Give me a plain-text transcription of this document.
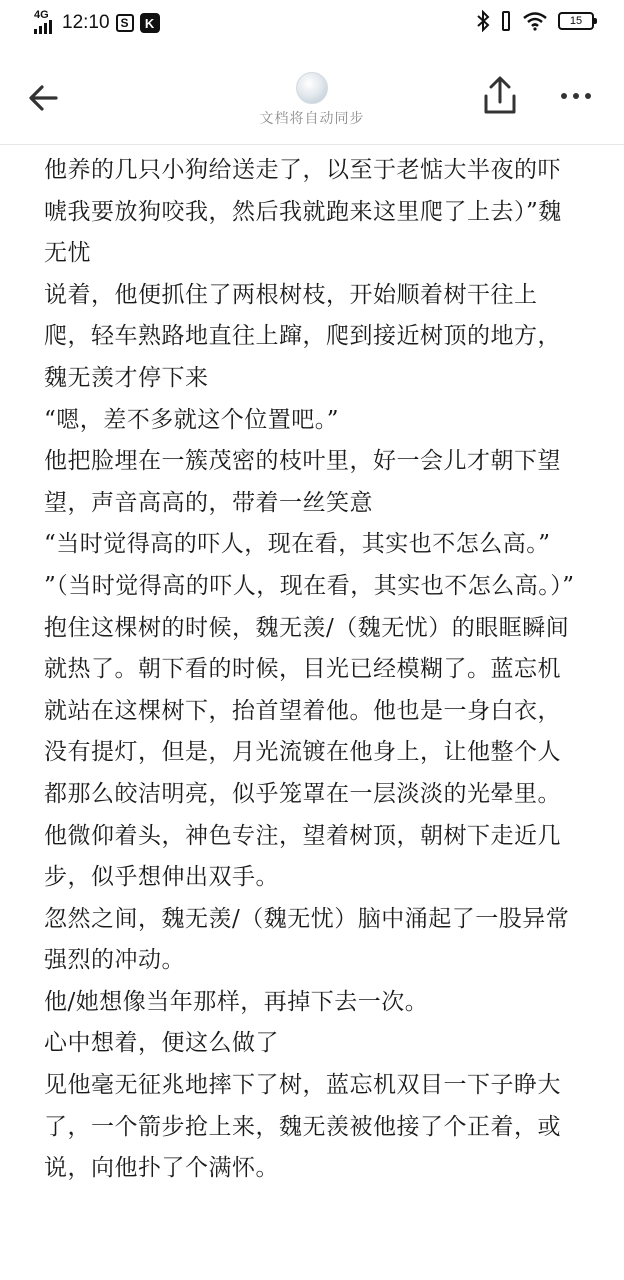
4G 12:10 S	K	15
文档将自动同步

他养的几只小狗给送走了，以至于老惦大半夜的吓唬我要放狗咬我，然后我就跑来这里爬了上去）”魏无忧

说着，他便抓住了两根树枝，开始顺着树干往上爬，轻车熟路地直往上蹿，爬到接近树顶的地方，魏无羡才停下来

“嗯，差不多就这个位置吧。”

他把脸埋在一簇茂密的枝叶里，好一会儿才朝下望望，声音高高的，带着一丝笑意

“当时觉得高的吓人，现在看，其实也不怎么高。”

”（当时觉得高的吓人，现在看，其实也不怎么高。）”

抱住这棵树的时候，魏无羡/（魏无忧）的眼眶瞬间就热了。朝下看的时候，目光已经模糊了。蓝忘机就站在这棵树下，抬首望着他。他也是一身白衣，没有提灯，但是，月光流镀在他身上，让他整个人都那么皎洁明亮，似乎笼罩在一层淡淡的光晕里。他微仰着头，神色专注，望着树顶，朝树下走近几步，似乎想伸出双手。

忽然之间，魏无羡/（魏无忧）脑中涌起了一股异常强烈的冲动。

他/她想像当年那样，再掉下去一次。

心中想着，便这么做了

见他毫无征兆地摔下了树，蓝忘机双目一下子睁大了，一个箭步抢上来，魏无羡被他接了个正着，或说，向他扑了个满怀。
